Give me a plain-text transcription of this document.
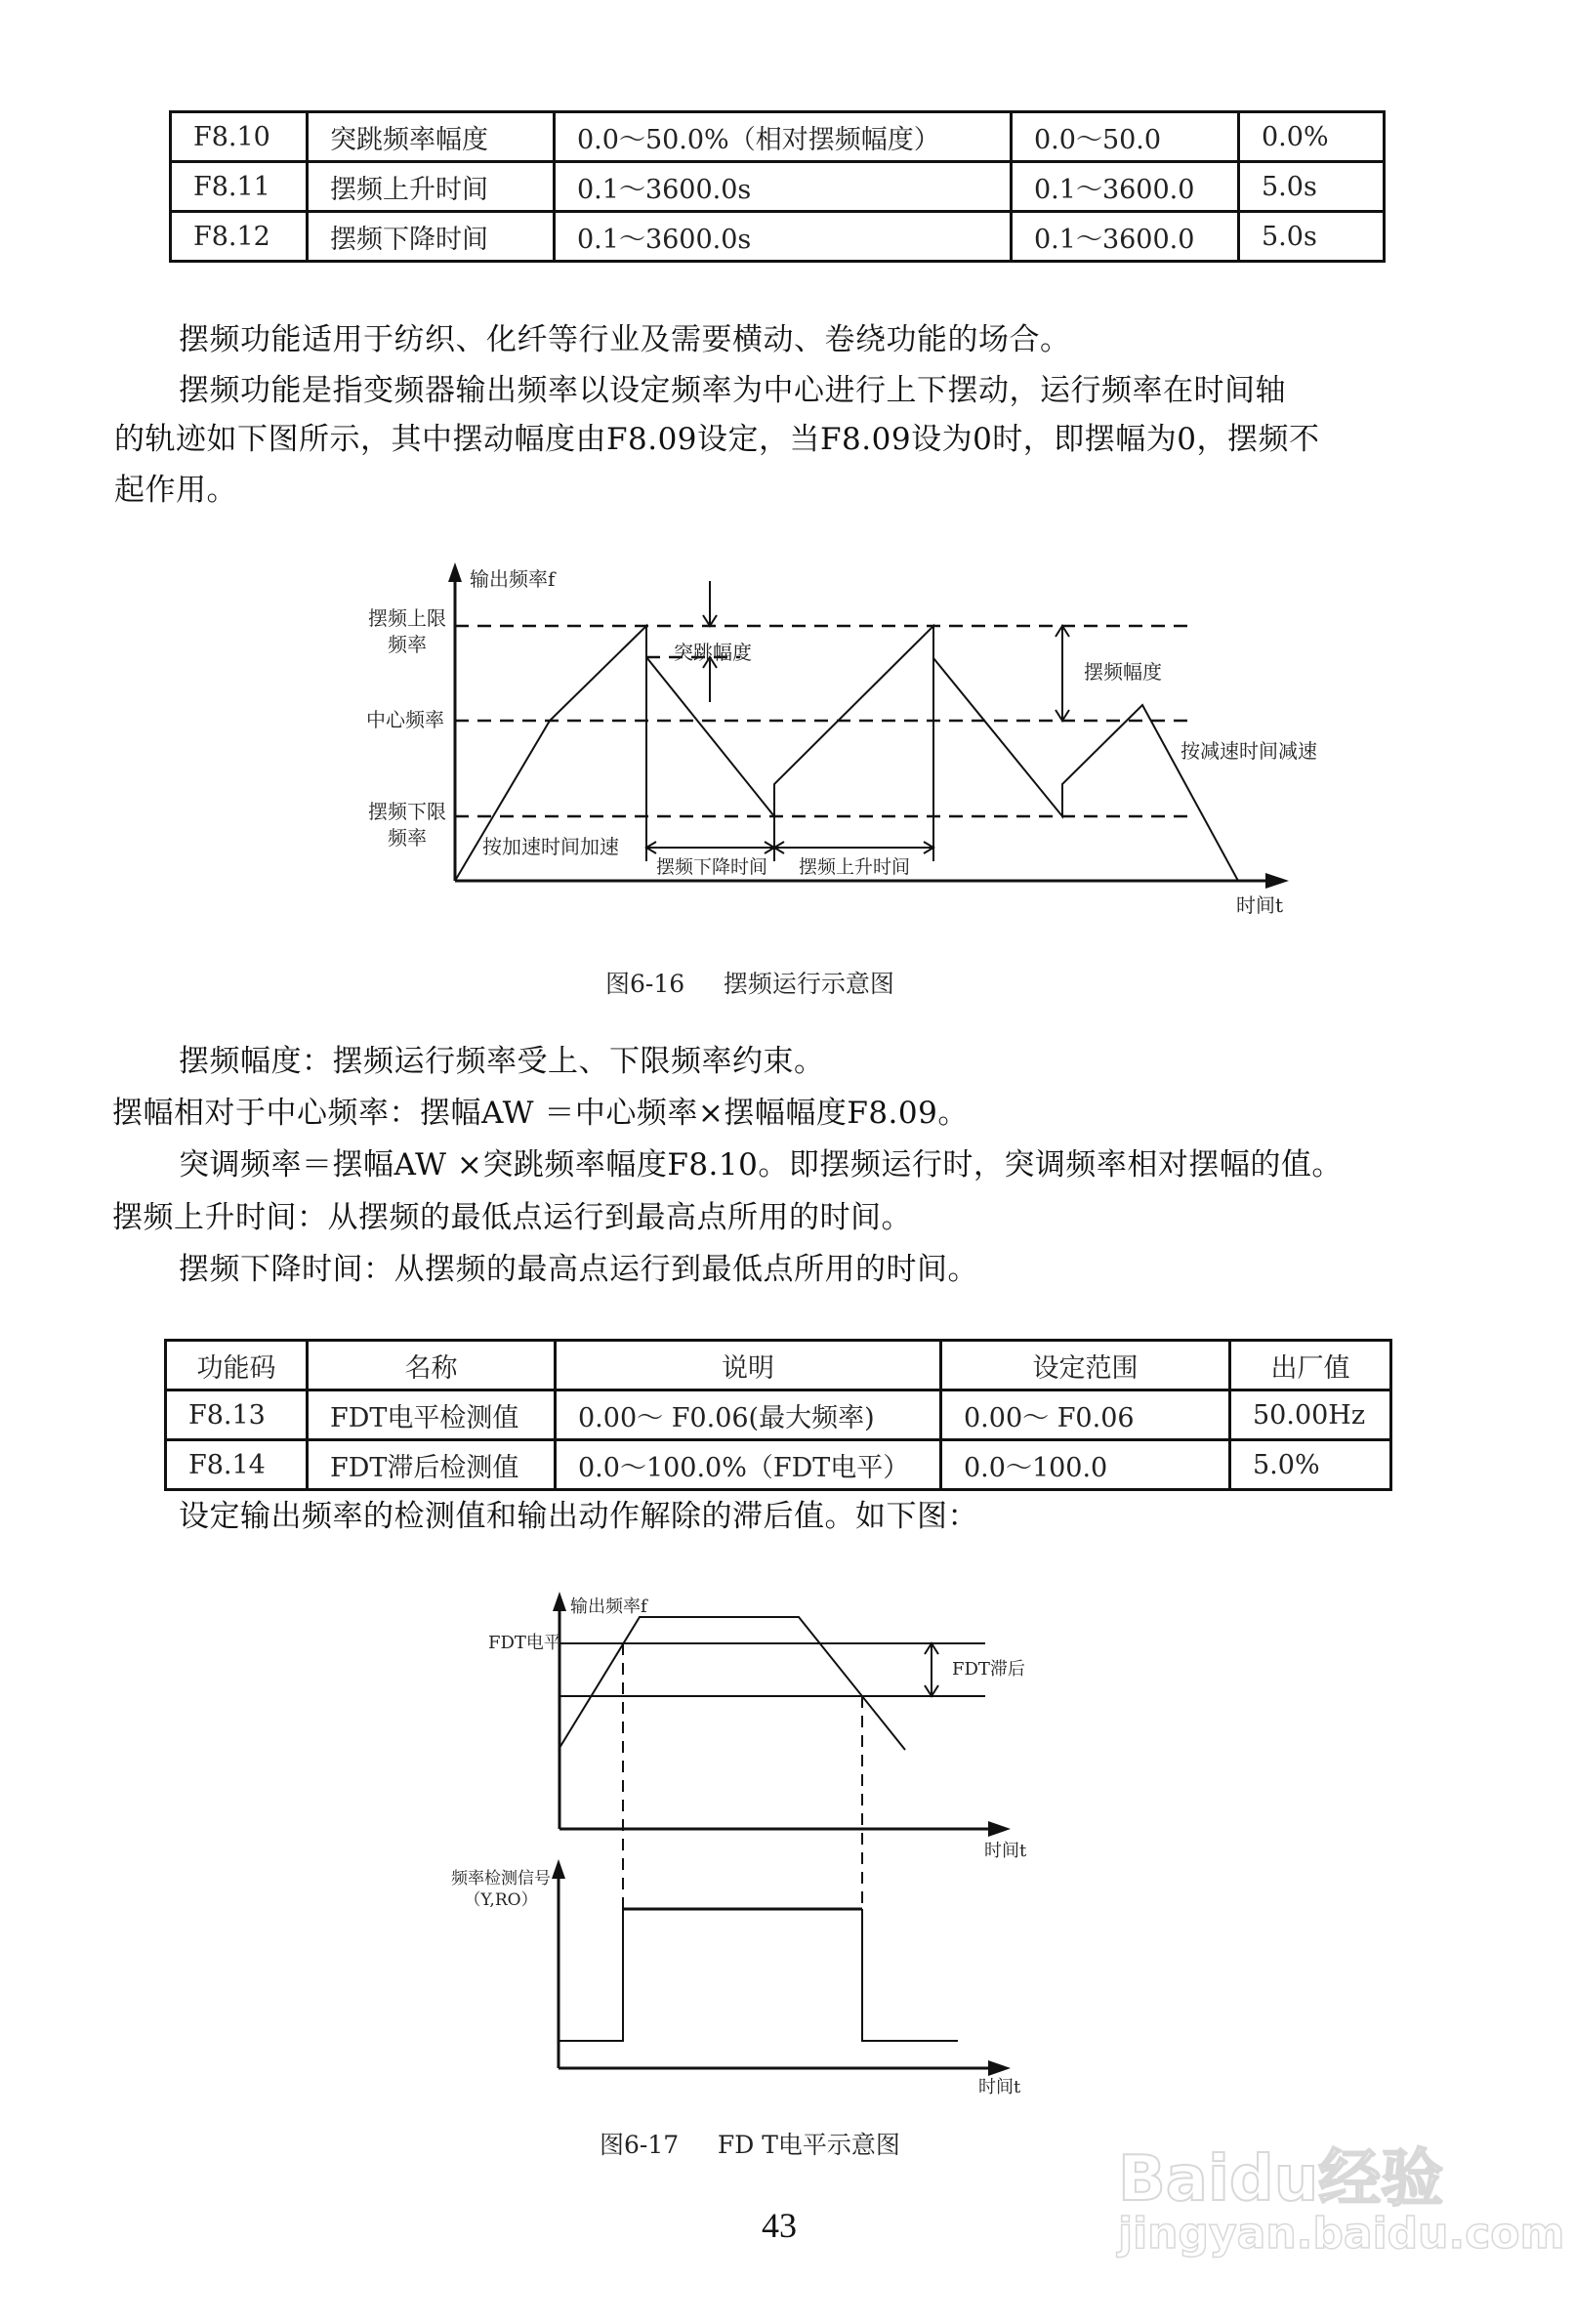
F8.10	突跳频率幅度	0.0～50.0%（相对摆频幅度）	0.0～50.0	0.0%
F8.11	摆频上升时间	0.1～3600.0s	0.1～3600.0	5.0s
F8.12	摆频下降时间	0.1～3600.0s	0.1～3600.0	5.0s
摆频功能适用于纺织、化纤等行业及需要横动、卷绕功能的场合。
摆频功能是指变频器输出频率以设定频率为中心进行上下摆动，运行频率在时间轴
的轨迹如下图所示，其中摆动幅度由F8.09设定，当F8.09设为0时，即摆幅为0，摆频不
起作用。
输出频率f
摆频上限
频率
中心频率
摆频下限
频率
突跳幅度
摆频幅度
按加速时间加速
按减速时间减速
摆频下降时间 摆频上升时间
时间t
图6-16     摆频运行示意图
摆频幅度：摆频运行频率受上、下限频率约束。
摆幅相对于中心频率：摆幅AW ＝中心频率×摆幅幅度F8.09。
突调频率＝摆幅AW ×突跳频率幅度F8.10。即摆频运行时，突调频率相对摆幅的值。
摆频上升时间：从摆频的最低点运行到最高点所用的时间。
摆频下降时间：从摆频的最高点运行到最低点所用的时间。
功能码	名称	说明	设定范围	出厂值
F8.13	FDT电平检测值	0.00～ F0.06(最大频率)	0.00～ F0.06	50.00Hz
F8.14	FDT滞后检测值	0.0～100.0%（FDT电平）	0.0～100.0	5.0%
设定输出频率的检测值和输出动作解除的滞后值。如下图：
输出频率f
FDT电平
FDT滞后
时间t
频率检测信号
（Y,RO）
时间t
图6-17     FD T电平示意图
43
Baidu经验
jingyan.baidu.com
